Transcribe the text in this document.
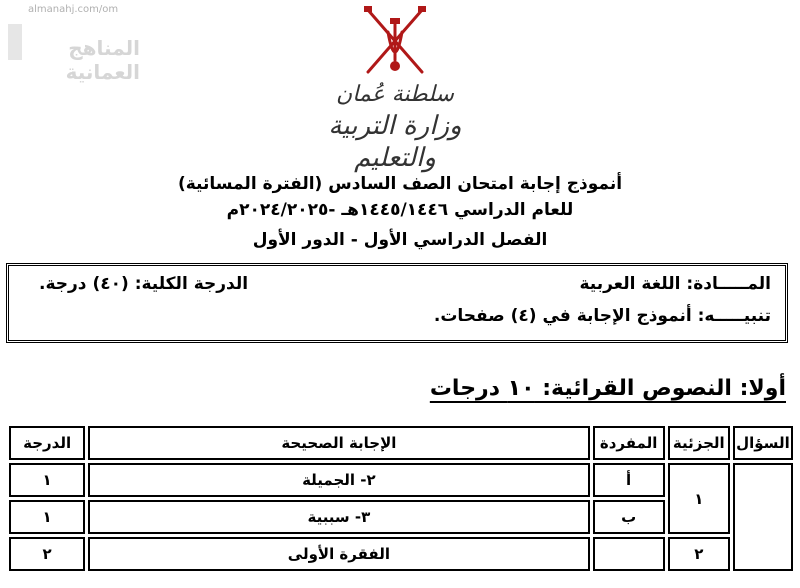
almanahj.com/om
المناهج العمانية
سلطنة عُمان
وزارة التربية والتعليم
أنموذج إجابة امتحان الصف السادس (الفترة المسائية)
للعام الدراسي ١٤٤٥/١٤٤٦هـ -٢٠٢٤/٢٠٢٥م
الفصل الدراسي الأول - الدور الأول
المـــــادة: اللغة العربية
الدرجة الكلية: (٤٠) درجة.
تنبيـــــه: أنموذج الإجابة في (٤) صفحات.
أولا: النصوص القرائية: ١٠ درجات
السؤال	الجزئية	المفردة	الإجابة الصحيحة	الدرجة
	١	أ	٢- الجميلة	١
		ب	٣- سببية	١
	٢		الفقرة الأولى	٢
